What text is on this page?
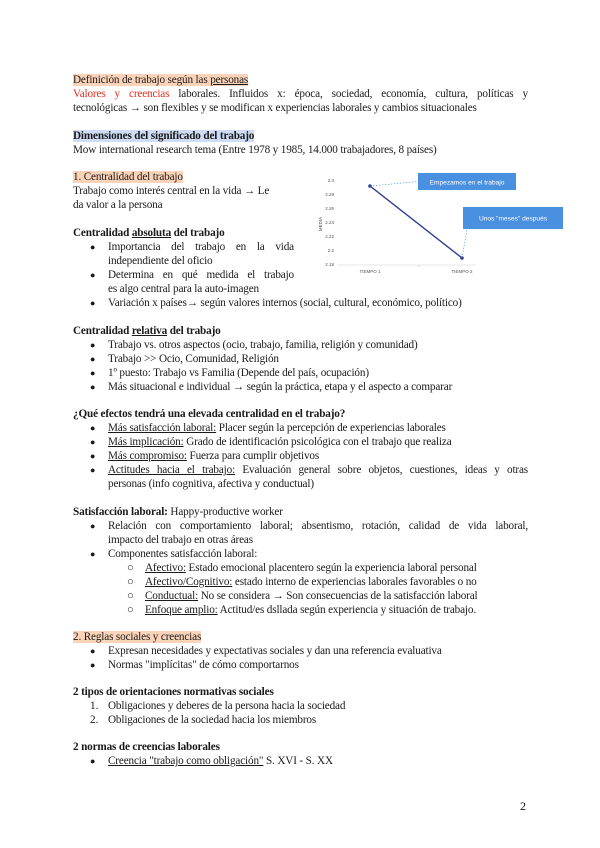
Definición de trabajo según las personas
Valores y creencias laborales. Influidos x: época, sociedad, economía, cultura, políticas y
tecnológicas → son flexibles y se modifican x experiencias laborales y cambios situacionales
Dimensiones del significado del trabajo
Mow international research tema (Entre 1978 y 1985, 14.000 trabajadores, 8 países)
1. Centralidad del trabajo
Trabajo como interés central en la vida → Le
da valor a la persona
Centralidad absoluta del trabajo
● Importancia del trabajo en la vida
independiente del oficio
● Determina en qué medida el trabajo
es algo central para la auto-imagen
● Variación x países→ según valores internos (social, cultural, económico, político)
MEDIA
2.3
2.28
2.26
2.24
2.22
2.2
2.18
TIEMPO 1	TIEMPO 2
Empezamos en el trabajo
Unos "meses" después
Centralidad relativa del trabajo
● Trabajo vs. otros aspectos (ocio, trabajo, familia, religión y comunidad)
● Trabajo >> Ocio, Comunidad, Religión
● 1º puesto: Trabajo vs Familia (Depende del país, ocupación)
● Más situacional e individual → según la práctica, etapa y el aspecto a comparar
¿Qué efectos tendrá una elevada centralidad en el trabajo?
● Más satisfacción laboral: Placer según la percepción de experiencias laborales
● Más implicación: Grado de identificación psicológica con el trabajo que realiza
● Más compromiso: Fuerza para cumplir objetivos
● Actitudes hacia el trabajo: Evaluación general sobre objetos, cuestiones, ideas y otras
personas (info cognitiva, afectiva y conductual)
Satisfacción laboral: Happy-productive worker
● Relación con comportamiento laboral; absentismo, rotación, calidad de vida laboral,
impacto del trabajo en otras áreas
● Componentes satisfacción laboral:
○ Afectivo: Estado emocional placentero según la experiencia laboral personal
○ Afectivo/Cognitivo: estado interno de experiencias laborales favorables o no
○ Conductual: No se considera → Son consecuencias de la satisfacción laboral
○ Enfoque amplio: Actitud/es dsllada según experiencia y situación de trabajo.
2. Reglas sociales y creencias
● Expresan necesidades y expectativas sociales y dan una referencia evaluativa
● Normas "implícitas" de cómo comportarnos
2 tipos de orientaciones normativas sociales
1. Obligaciones y deberes de la persona hacia la sociedad
2. Obligaciones de la sociedad hacia los miembros
2 normas de creencias laborales
● Creencia "trabajo como obligación" S. XVI - S. XX
2
